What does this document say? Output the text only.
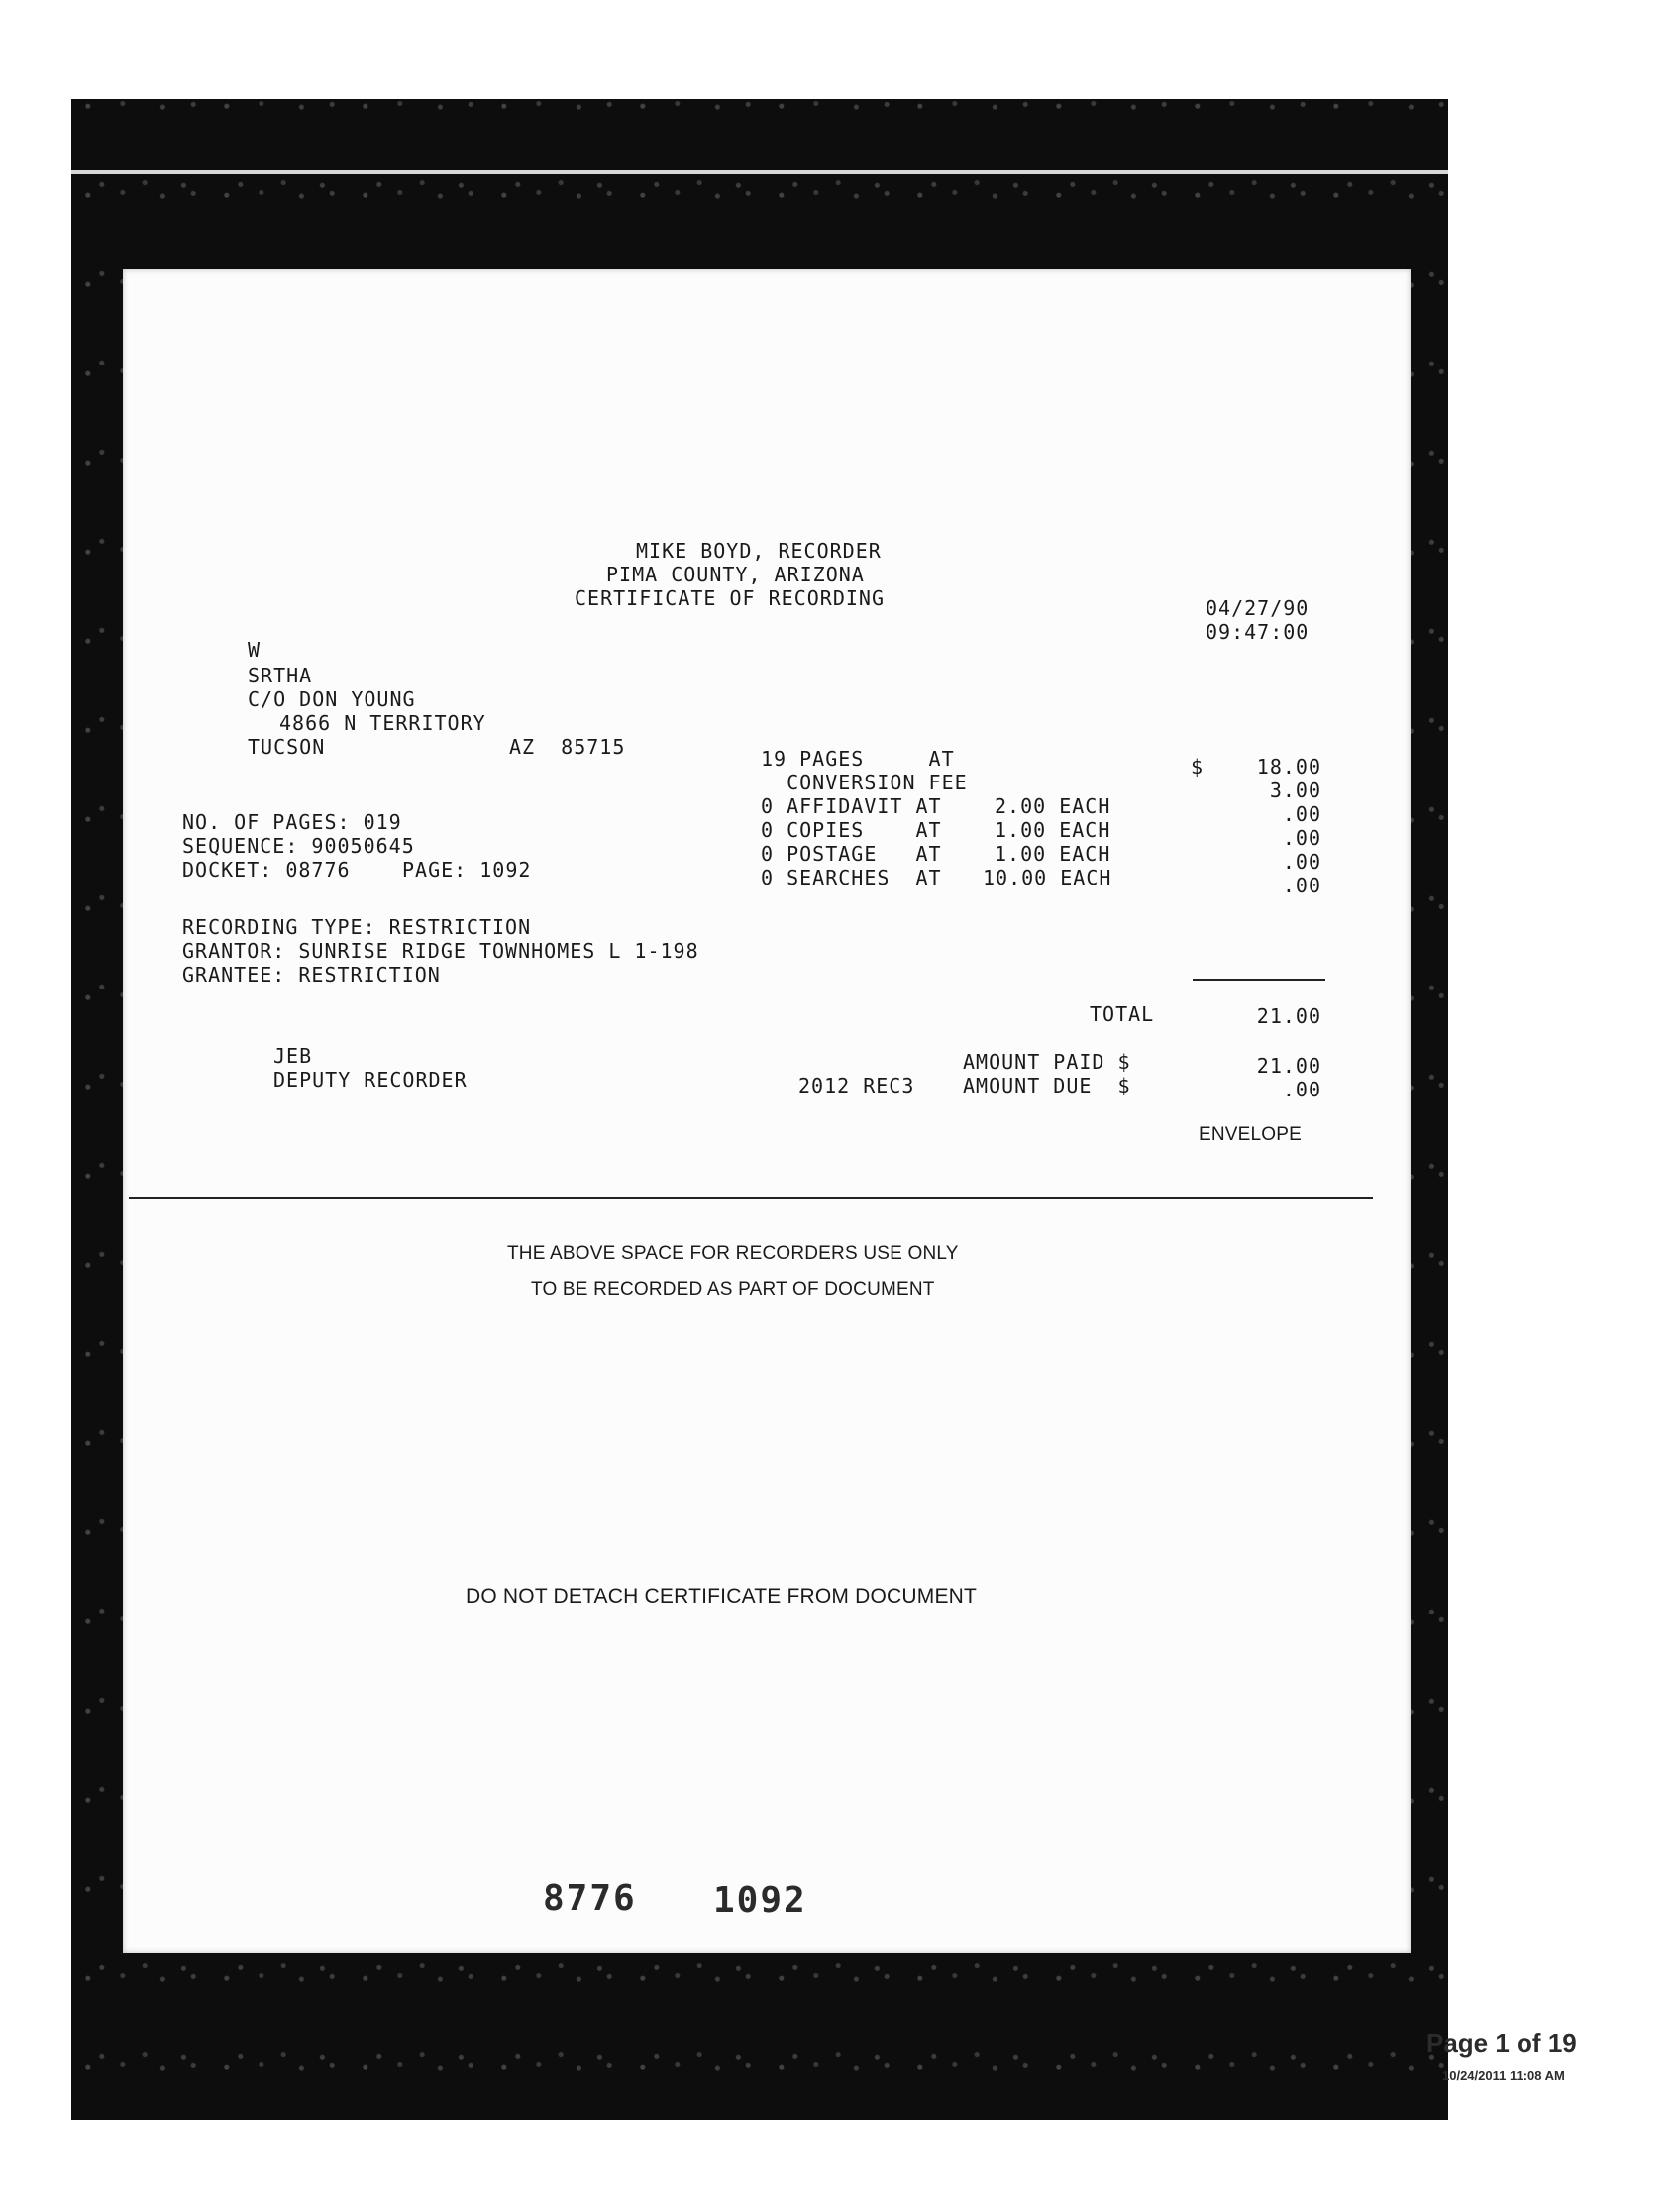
MIKE BOYD, RECORDER
PIMA COUNTY, ARIZONA
CERTIFICATE OF RECORDING	04/27/90
09:47:00
W
SRTHA
C/O DON YOUNG
4866 N TERRITORY
TUCSON	AZ  85715
NO. OF PAGES: 019
SEQUENCE: 90050645
DOCKET: 08776	PAGE: 1092
19 PAGES     AT	$	18.00
CONVERSION FEE	3.00
0 AFFIDAVIT AT	2.00 EACH	.00
0 COPIES    AT	1.00 EACH	.00
0 POSTAGE   AT	1.00 EACH	.00
0 SEARCHES  AT 10.00 EACH	.00
RECORDING TYPE: RESTRICTION
GRANTOR: SUNRISE RIDGE TOWNHOMES L 1-198
GRANTEE: RESTRICTION
TOTAL	21.00
JEB
DEPUTY RECORDER
AMOUNT PAID $	21.00
2012 REC3 AMOUNT DUE  $	.00
ENVELOPE
THE ABOVE SPACE FOR RECORDERS USE ONLY
TO BE RECORDED AS PART OF DOCUMENT
DO NOT DETACH CERTIFICATE FROM DOCUMENT
8776 1092
Page 1 of 19
10/24/2011 11:08 AM
